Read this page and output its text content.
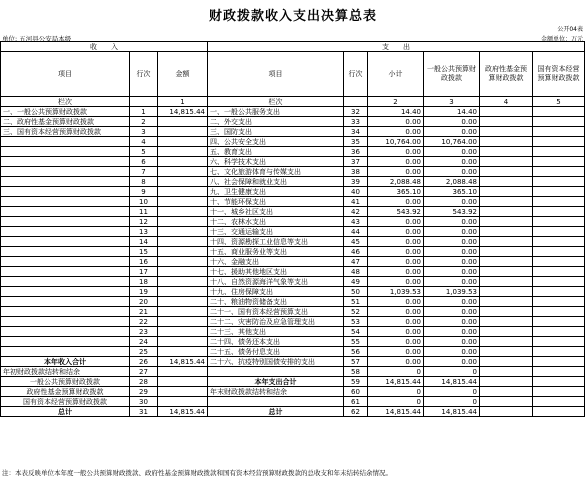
财政拨款收入支出决算总表
公开04表
单位: 五河县公安局本级	金额单位：万元
收　　入			支　　出					
项目	行次	金额	项目	行次	小计	一般公共预算财政拨款	政府性基金预算财政拨款	国有资本经营预算财政拨款
栏次		1	栏次		2	3	4	5
一、一般公共预算财政拨款	1	14,815.44	一、一般公共服务支出	32	14.40	14.40		
二、政府性基金预算财政拨款	2		二、外交支出	33	0.00	0.00		
三、国有资本经营预算财政拨款	3		三、国防支出	34	0.00	0.00		
	4		四、公共安全支出	35	10,764.00	10,764.00		
	5		五、教育支出	36	0.00	0.00		
	6		六、科学技术支出	37	0.00	0.00		
	7		七、文化旅游体育与传媒支出	38	0.00	0.00		
	8		八、社会保障和就业支出	39	2,088.48	2,088.48		
	9		九、卫生健康支出	40	365.10	365.10		
	10		十、节能环保支出	41	0.00	0.00		
	11		十一、城乡社区支出	42	543.92	543.92		
	12		十二、农林水支出	43	0.00	0.00		
	13		十三、交通运输支出	44	0.00	0.00		
	14		十四、资源勘探工业信息等支出	45	0.00	0.00		
	15		十五、商业服务业等支出	46	0.00	0.00		
	16		十六、金融支出	47	0.00	0.00		
	17		十七、援助其他地区支出	48	0.00	0.00		
	18		十八、自然资源海洋气象等支出	49	0.00	0.00		
	19		十九、住房保障支出	50	1,039.53	1,039.53		
	20		二十、粮油物资储备支出	51	0.00	0.00		
	21		二十一、国有资本经营预算支出	52	0.00	0.00		
	22		二十二、灾害防治及应急管理支出	53	0.00	0.00		
	23		二十三、其他支出	54	0.00	0.00		
	24		二十四、债务还本支出	55	0.00	0.00		
	25		二十五、债务付息支出	56	0.00	0.00		
本年收入合计	26	14,815.44	二十六、抗疫特别国债安排的支出	57	0.00	0.00		
年初财政拨款结转和结余	27			58	0	0		
一般公共预算财政拨款	28		本年支出合计	59	14,815.44	14,815.44		
政府性基金预算财政拨款	29		年末财政拨款结转和结余	60	0	0		
国有资本经营预算财政拨款	30			61	0	0		
总计	31	14,815.44	总计	62	14,815.44	14,815.44		
注：本表反映单位本年度一般公共预算财政拨款、政府性基金预算财政拨款和国有资本经营预算财政拨款的总收支和年末结转结余情况。
